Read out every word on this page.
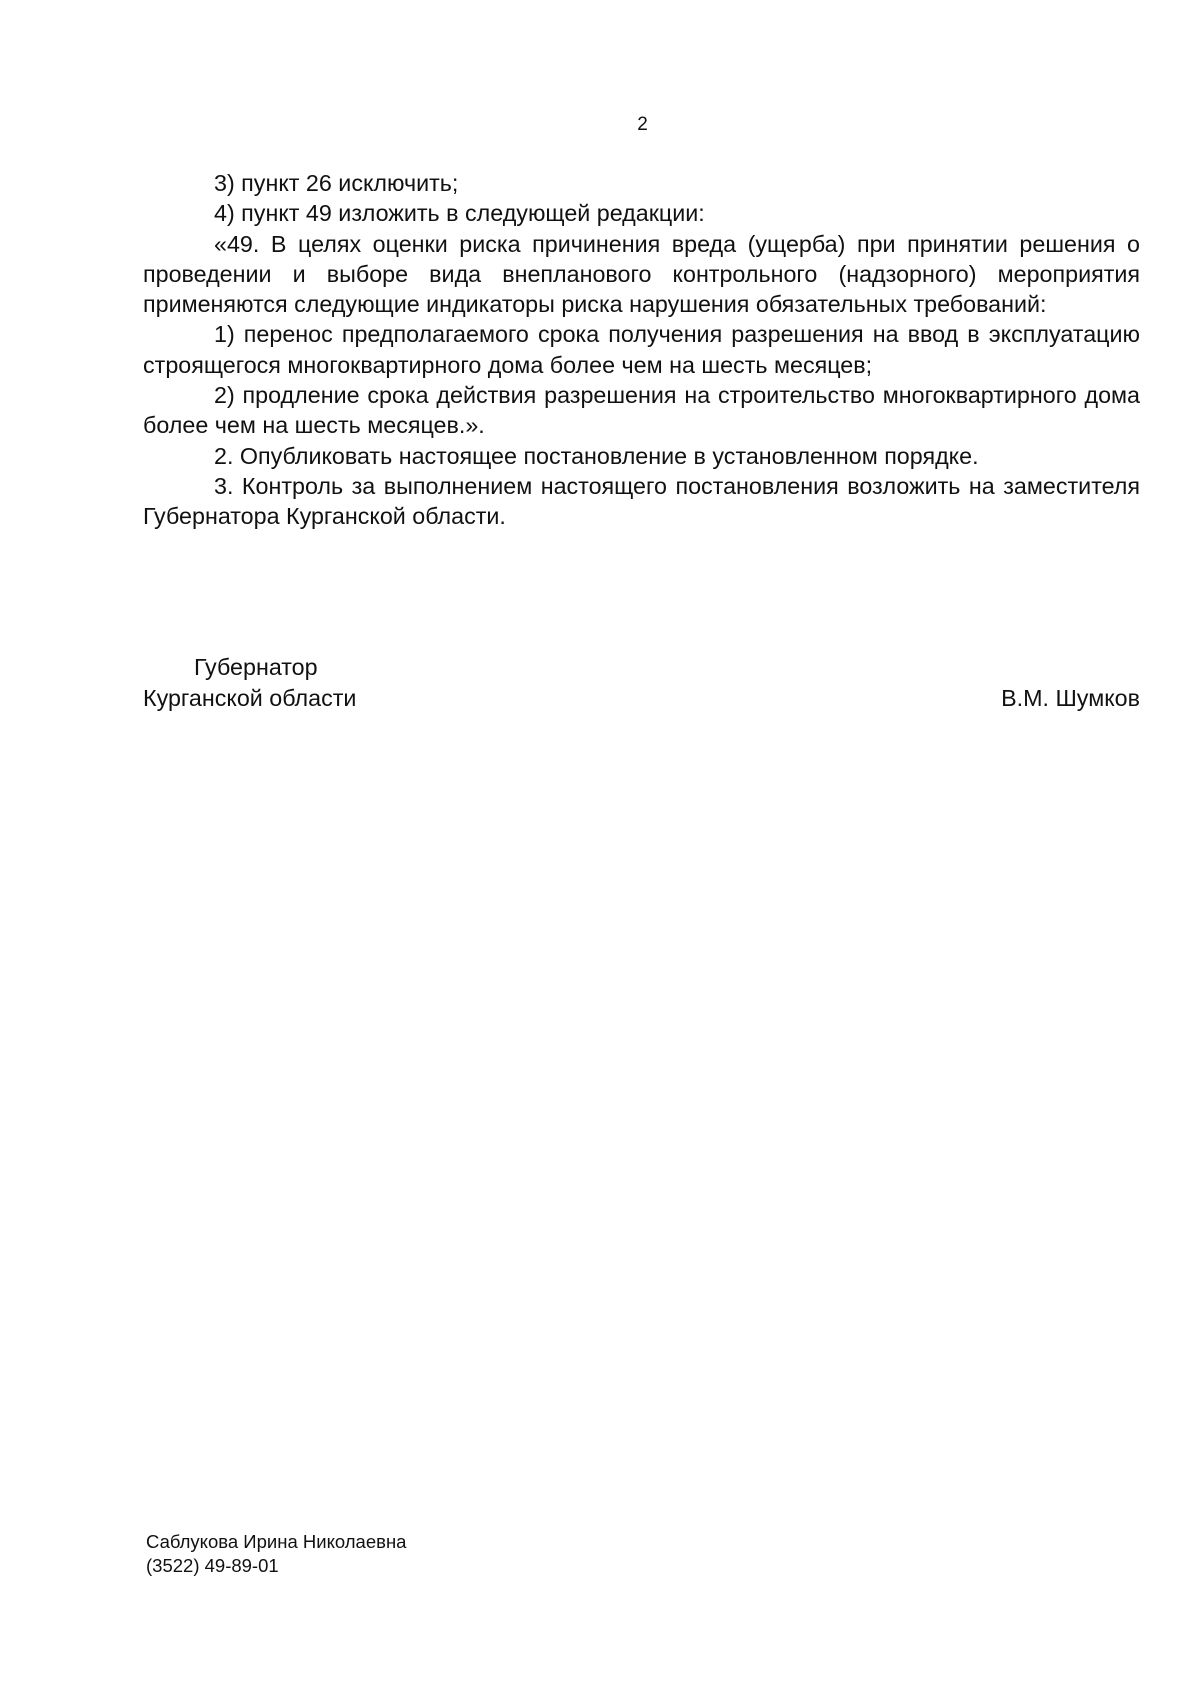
2

3) пункт 26 исключить;

4) пункт 49 изложить в следующей редакции:

«49. В целях оценки риска причинения вреда (ущерба) при принятии решения о проведении и выборе вида внепланового контрольного (надзорного) мероприятия применяются следующие индикаторы риска нарушения обязательных требований:

1) перенос предполагаемого срока получения разрешения на ввод в эксплуатацию строящегося многоквартирного дома более чем на шесть месяцев;

2) продление срока действия разрешения на строительство многоквартирного дома более чем на шесть месяцев.».

2. Опубликовать настоящее постановление в установленном порядке.

3. Контроль за выполнением настоящего постановления возложить на заместителя Губернатора Курганской области.

Губернатор
Курганской области	В.М. Шумков
Саблукова Ирина Николаевна
(3522) 49-89-01
